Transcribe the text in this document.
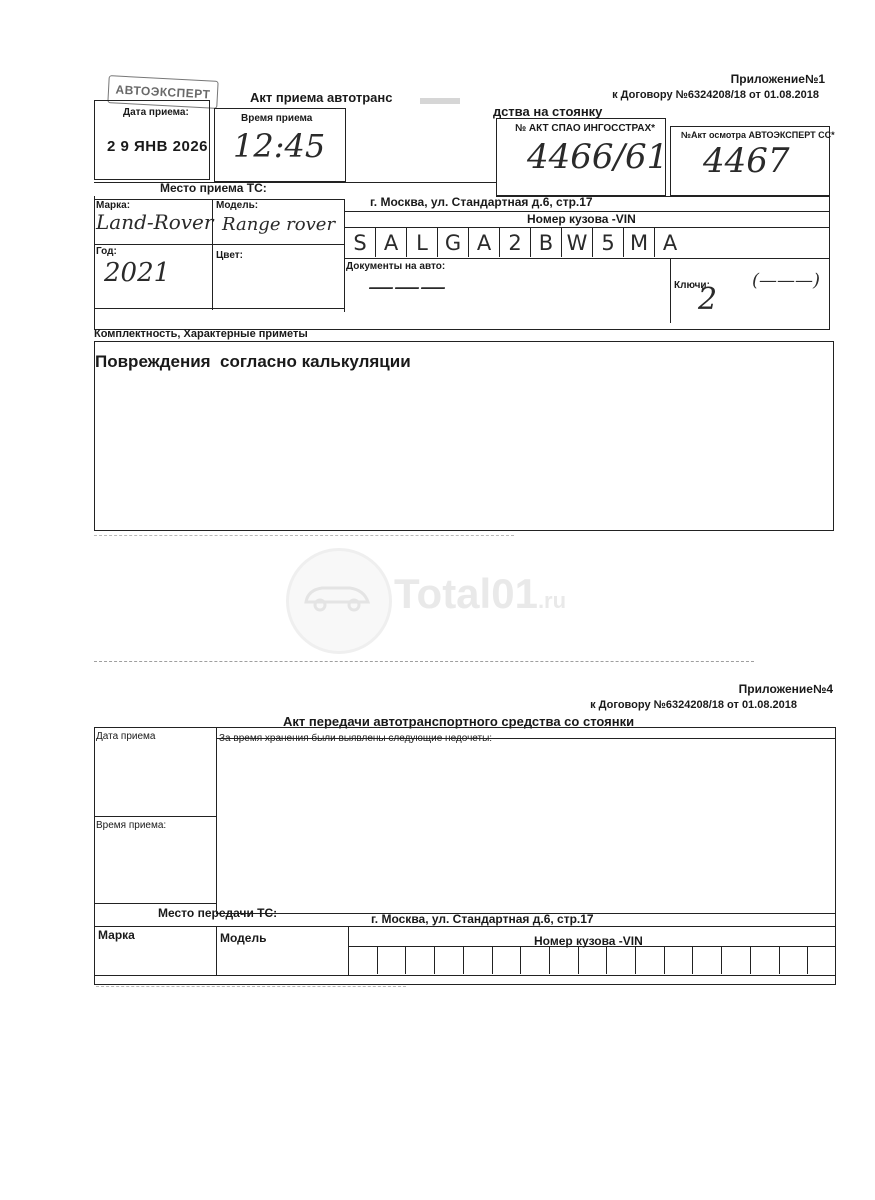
АВТОЭКСПЕРТ
Приложение№1
к Договору №6324208/18 от 01.08.2018
Акт приема автотранс
дства на стоянку
Дата приема:
2 9 ЯНВ 2026
Время приема
12:45	№ АКТ СПАО ИНГОССТРАХ*
4466/61
№Акт осмотра АВТОЭКСПЕРТ СС*
4467
Место приема ТС:
г. Москва, ул. Стандартная д.6, стр.17
Марка:
Land-Rover
Модель:
Range rover	Номер кузова -VIN
S A L G A 2 B W 5 M A
Год:
2021
Цвет:
Документы на авто:
———	Ключи:
2
(———)
Комплектность, Характерные приметы
Повреждения  согласно калькуляции
Total01.ru
Приложение№4
к Договору №6324208/18 от 01.08.2018
Акт передачи автотранспортного средства со стоянки
Дата приема	За время хранения были выявлены следующие недочеты:
Время приема:
Место передачи ТС:	г. Москва, ул. Стандартная д.6, стр.17
Марка	Модель	Номер кузова -VIN
